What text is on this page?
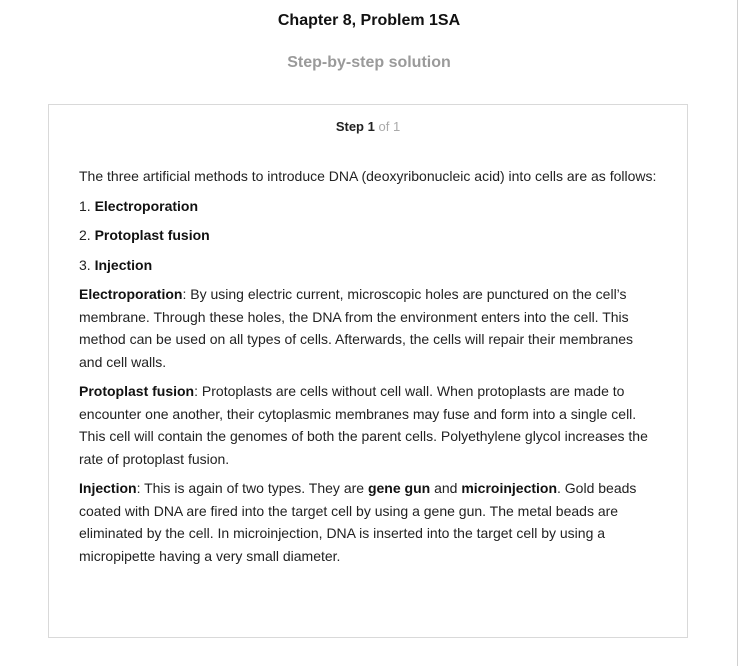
Chapter 8, Problem 1SA
Step-by-step solution
Step 1 of 1

The three artificial methods to introduce DNA (deoxyribonucleic acid) into cells are as follows:

1. Electroporation

2. Protoplast fusion

3. Injection

Electroporation: By using electric current, microscopic holes are punctured on the cell’s membrane. Through these holes, the DNA from the environment enters into the cell. This method can be used on all types of cells. Afterwards, the cells will repair their membranes and cell walls.

Protoplast fusion: Protoplasts are cells without cell wall. When protoplasts are made to encounter one another, their cytoplasmic membranes may fuse and form into a single cell. This cell will contain the genomes of both the parent cells. Polyethylene glycol increases the rate of protoplast fusion.

Injection: This is again of two types. They are gene gun and microinjection. Gold beads coated with DNA are fired into the target cell by using a gene gun. The metal beads are eliminated by the cell. In microinjection, DNA is inserted into the target cell by using a micropipette having a very small diameter.
